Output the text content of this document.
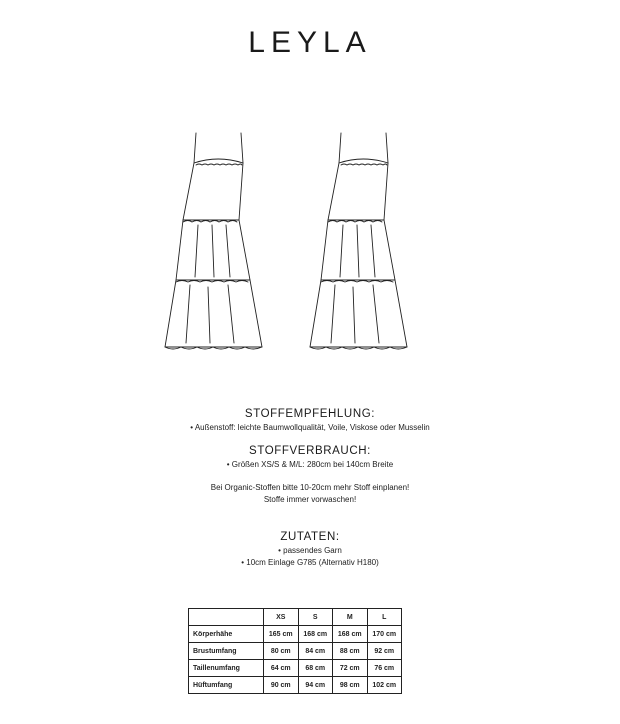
LEYLA
STOFFEMPFEHLUNG:
• Außenstoff: leichte Baumwollqualität, Voile, Viskose oder Musselin
STOFFVERBRAUCH:
• Größen XS/S & M/L: 280cm bei 140cm Breite
Bei Organic-Stoffen bitte 10-20cm mehr Stoff einplanen!
Stoffe immer vorwaschen!
ZUTATEN:
• passendes Garn
• 10cm Einlage G785 (Alternativ H180)
	XS	S	M	L
Körperhähe	165 cm	168 cm	168 cm	170 cm
Brustumfang	80 cm	84 cm	88 cm	92 cm
Taillenumfang	64 cm	68 cm	72 cm	76 cm
Hüftumfang	90 cm	94 cm	98 cm	102 cm
